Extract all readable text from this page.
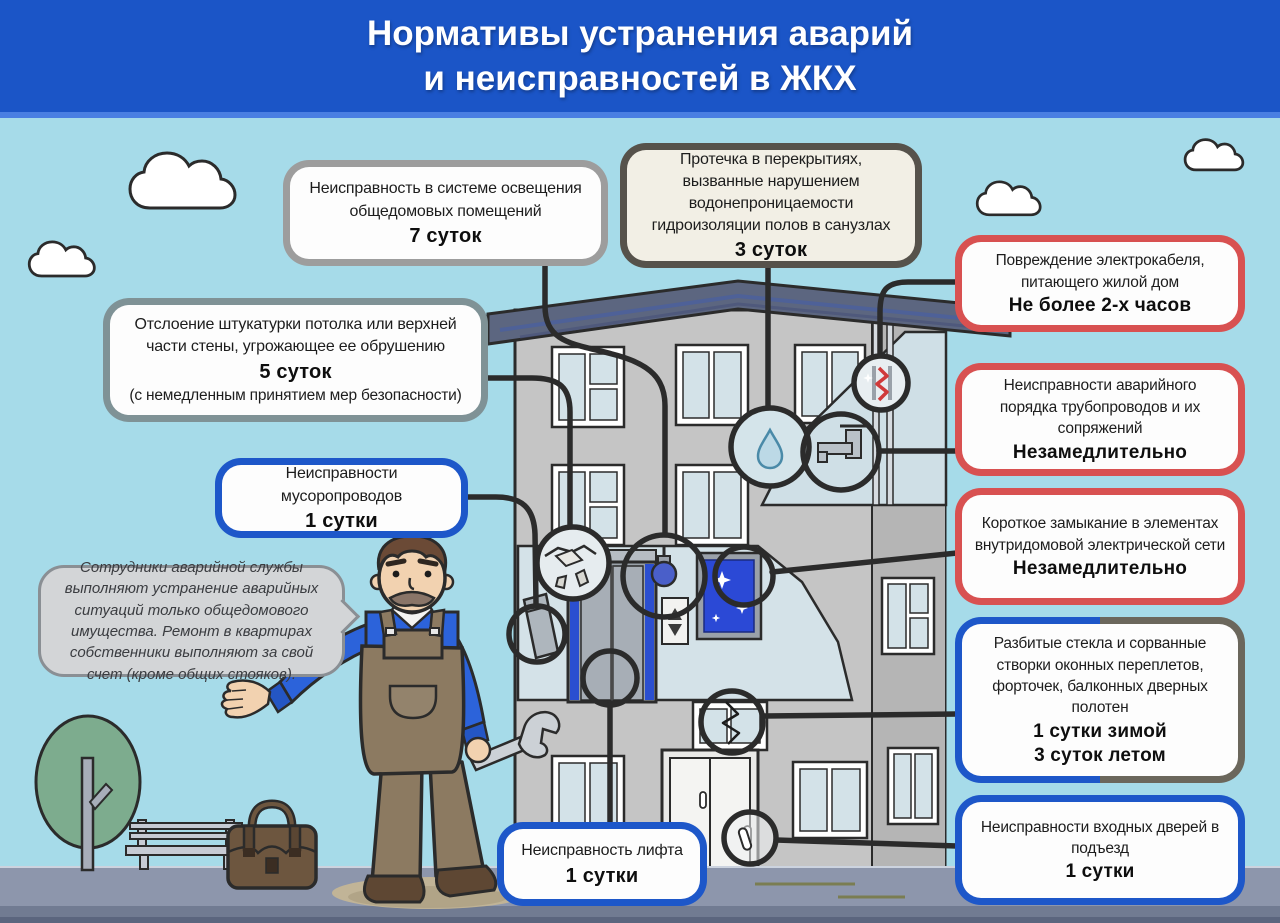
Нормативы устранения аварий
и неисправностей в ЖКХ
Неисправность в системе освещения общедомовых помещений
7 суток
Протечка в перекрытиях, вызванные нарушением водонепроницаемости гидроизоляции полов в санузлах
3 суток
Отслоение штукатурки потолка или верхней части стены, угрожающее ее обрушению
5 суток
(с немедленным принятием мер безопасности)
Неисправности мусоропроводов
1 сутки
Сотрудники аварийной службы выполняют устранение аварийных ситуаций только общедомового имущества. Ремонт в квартирах собственники выполняют за свой счет (кроме общих стояков).
Повреждение электрокабеля, питающего жилой дом
Не более 2-х часов
Неисправности аварийного порядка трубопроводов и их сопряжений
Незамедлительно
Короткое замыкание в элементах внутридомовой электрической сети
Незамедлительно
Разбитые стекла и сорванные створки оконных переплетов, форточек, балконных дверных полотен
1 сутки зимой
3 суток летом
Неисправности входных дверей в подъезд
1 сутки
Неисправность лифта
1 сутки
